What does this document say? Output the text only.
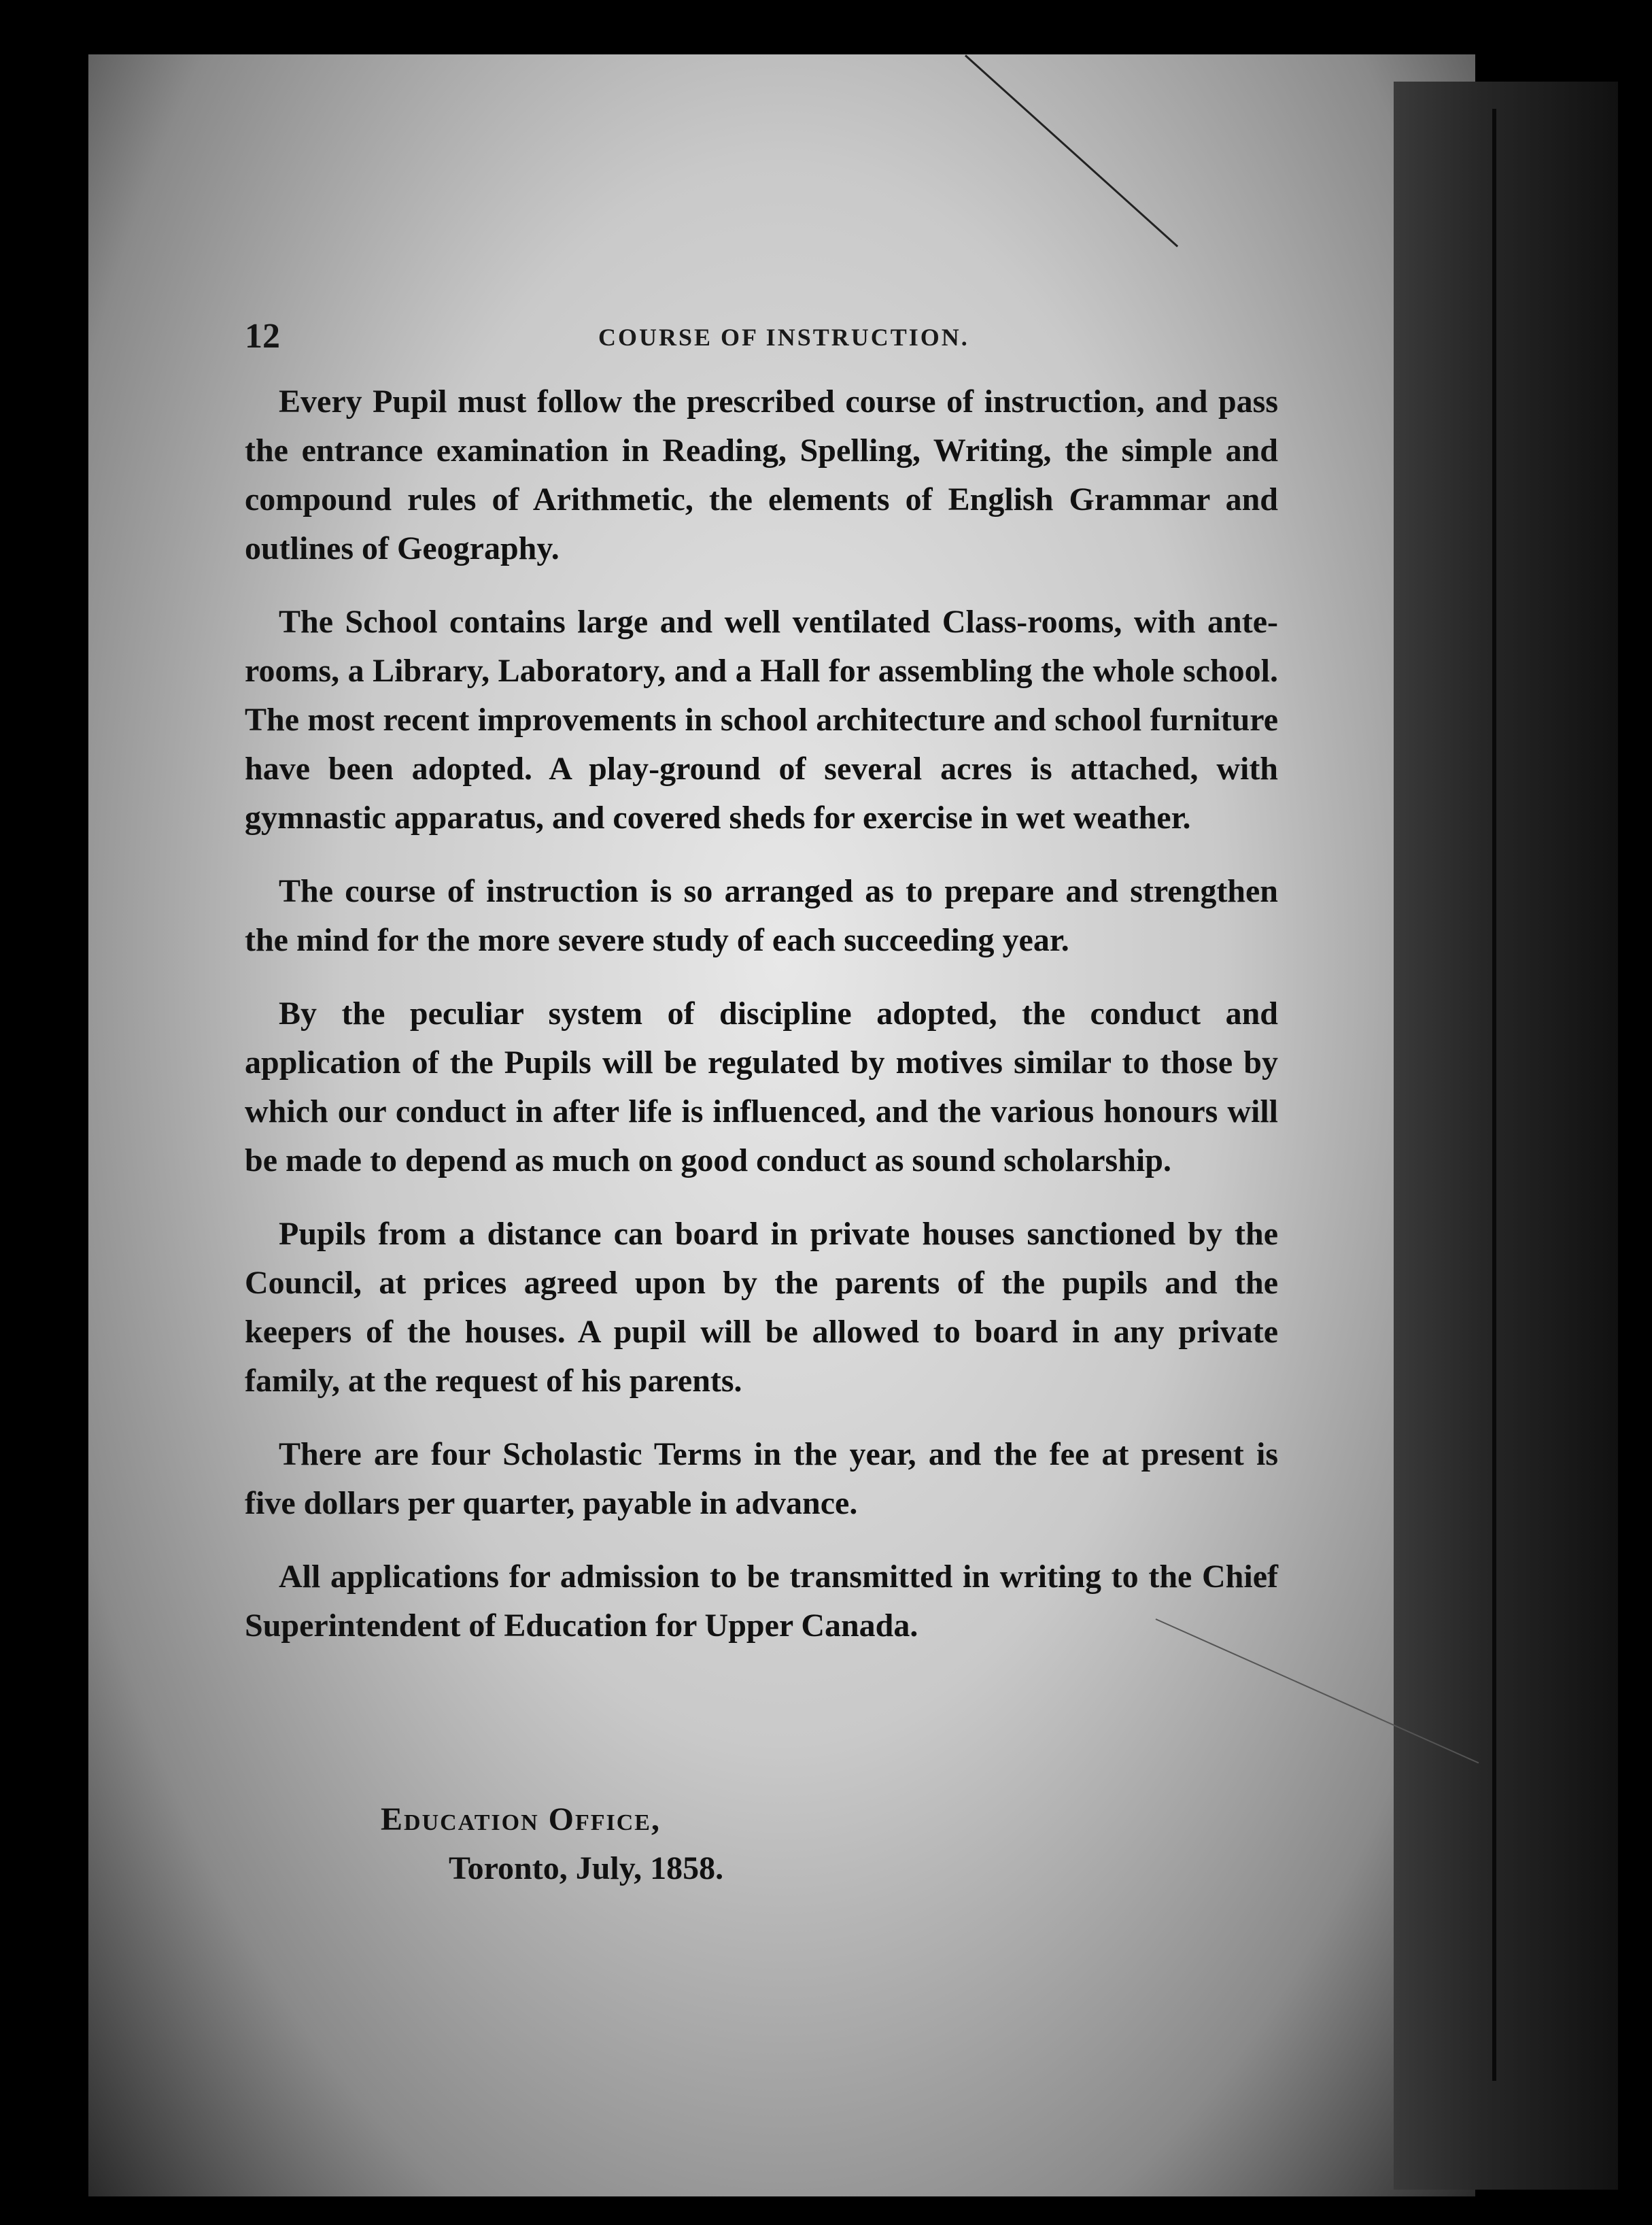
12	COURSE OF INSTRUCTION.

Every Pupil must follow the prescribed course of instruction, and pass the entrance examination in Reading, Spelling, Writing, the simple and compound rules of Arithmetic, the elements of English Grammar and outlines of Geography.

The School contains large and well ventilated Class-rooms, with ante-rooms, a Library, Laboratory, and a Hall for assembling the whole school. The most recent improvements in school architecture and school furniture have been adopted. A play-ground of several acres is attached, with gymnastic apparatus, and covered sheds for exercise in wet weather.

The course of instruction is so arranged as to prepare and strengthen the mind for the more severe study of each succeeding year.

By the peculiar system of discipline adopted, the conduct and application of the Pupils will be regulated by motives similar to those by which our conduct in after life is influenced, and the various honours will be made to depend as much on good conduct as sound scholarship.

Pupils from a distance can board in private houses sanctioned by the Council, at prices agreed upon by the parents of the pupils and the keepers of the houses. A pupil will be allowed to board in any private family, at the request of his parents.

There are four Scholastic Terms in the year, and the fee at present is five dollars per quarter, payable in advance.

All applications for admission to be transmitted in writing to the Chief Superintendent of Education for Upper Canada.

Education Office,
Toronto, July, 1858.
